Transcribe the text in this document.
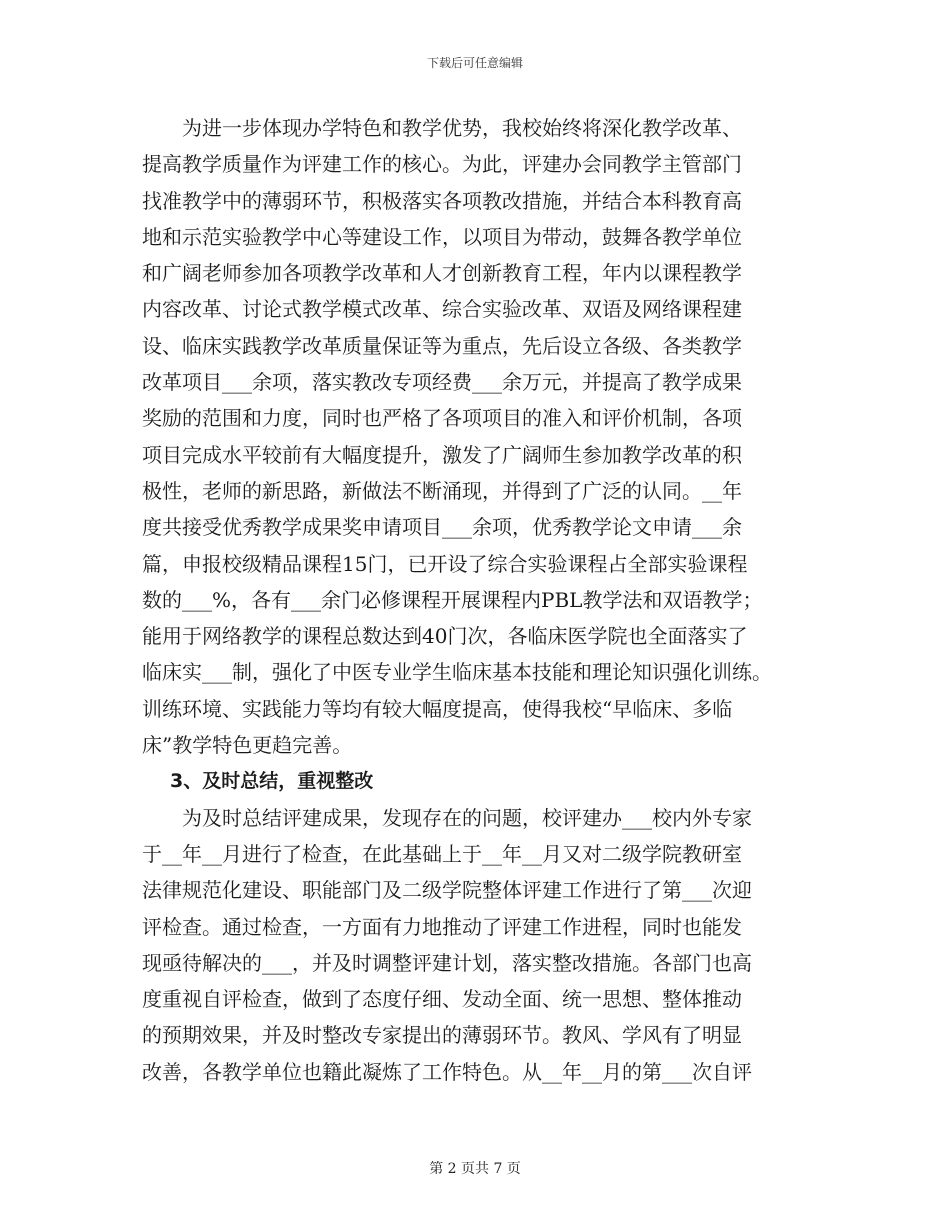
下载后可任意编辑
为进一步体现办学特色和教学优势，我校始终将深化教学改革、
提高教学质量作为评建工作的核心。为此，评建办会同教学主管部门
找准教学中的薄弱环节，积极落实各项教改措施，并结合本科教育高
地和示范实验教学中心等建设工作，以项目为带动，鼓舞各教学单位
和广阔老师参加各项教学改革和人才创新教育工程，年内以课程教学
内容改革、讨论式教学模式改革、综合实验改革、双语及网络课程建
设、临床实践教学改革质量保证等为重点，先后设立各级、各类教学
改革项目___余项，落实教改专项经费___余万元，并提高了教学成果
奖励的范围和力度，同时也严格了各项项目的准入和评价机制，各项
项目完成水平较前有大幅度提升，激发了广阔师生参加教学改革的积
极性，老师的新思路，新做法不断涌现，并得到了广泛的认同。__年
度共接受优秀教学成果奖申请项目___余项，优秀教学论文申请___余
篇，申报校级精品课程15门，已开设了综合实验课程占全部实验课程
数的___%，各有___余门必修课程开展课程内PBL教学法和双语教学；
能用于网络教学的课程总数达到40门次，各临床医学院也全面落实了
临床实___制，强化了中医专业学生临床基本技能和理论知识强化训练。
训练环境、实践能力等均有较大幅度提高，使得我校“早临床、多临
床”教学特色更趋完善。
3、及时总结，重视整改
为及时总结评建成果，发现存在的问题，校评建办___校内外专家
于__年__月进行了检查，在此基础上于__年__月又对二级学院教研室
法律规范化建设、职能部门及二级学院整体评建工作进行了第___次迎
评检查。通过检查，一方面有力地推动了评建工作进程，同时也能发
现亟待解决的___，并及时调整评建计划，落实整改措施。各部门也高
度重视自评检查，做到了态度仔细、发动全面、统一思想、整体推动
的预期效果，并及时整改专家提出的薄弱环节。教风、学风有了明显
改善，各教学单位也籍此凝炼了工作特色。从__年__月的第___次自评
第 2 页共 7 页
